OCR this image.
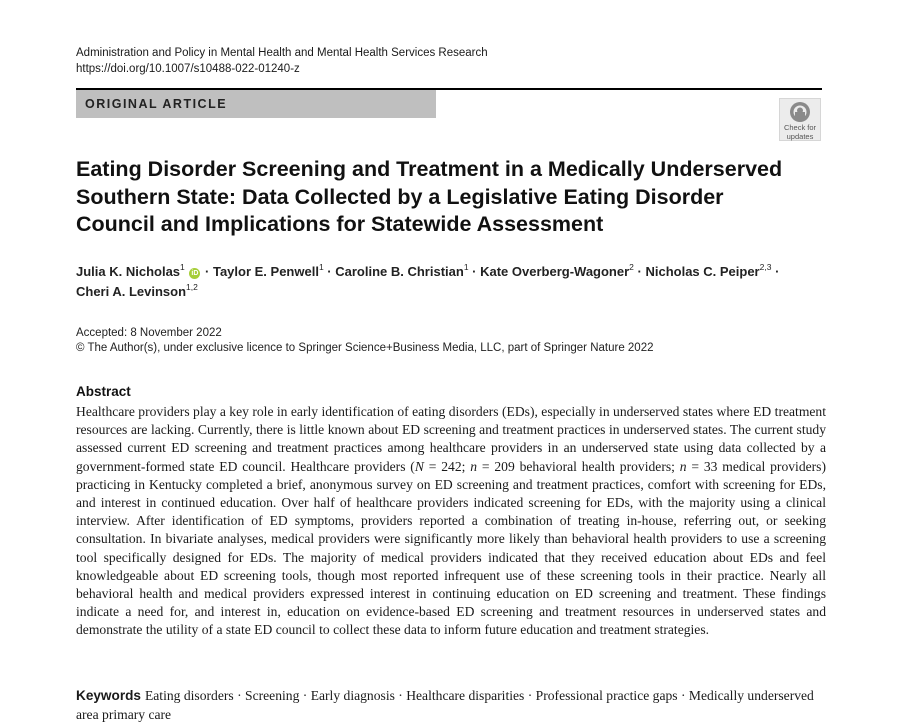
Administration and Policy in Mental Health and Mental Health Services Research
https://doi.org/10.1007/s10488-022-01240-z
ORIGINAL ARTICLE
Check for
updates
Eating Disorder Screening and Treatment in a Medically Underserved Southern State: Data Collected by a Legislative Eating Disorder Council and Implications for Statewide Assessment
Julia K. Nicholas$^1$ iD · Taylor E. Penwell$^1$ · Caroline B. Christian$^1$ · Kate Overberg‑Wagoner$^2$ · Nicholas C. Peiper$^{2,3}$ ·
Cheri A. Levinson$^{1,2}$
Accepted: 8 November 2022
© The Author(s), under exclusive licence to Springer Science+Business Media, LLC, part of Springer Nature 2022
Abstract
Healthcare providers play a key role in early identification of eating disorders (EDs), especially in underserved states where ED treatment resources are lacking. Currently, there is little known about ED screening and treatment practices in underserved states. The current study assessed current ED screening and treatment practices among healthcare providers in an underserved state using data collected by a government-formed state ED council. Healthcare providers (N = 242; n = 209 behavioral health providers; n = 33 medical providers) practicing in Kentucky completed a brief, anonymous survey on ED screening and treatment practices, comfort with screening for EDs, and interest in continued education. Over half of healthcare providers indicated screening for EDs, with the majority using a clinical interview. After identification of ED symptoms, providers reported a combination of treating in-house, referring out, or seeking consultation. In bivariate analyses, medical providers were significantly more likely than behavioral health providers to use a screening tool specifically designed for EDs. The majority of medical providers indicated that they received education about EDs and feel knowledgeable about ED screening tools, though most reported infrequent use of these screening tools in their practice. Nearly all behavioral health and medical providers expressed interest in continuing education on ED screening and treatment. These findings indicate a need for, and interest in, education on evidence-based ED screening and treatment resources in underserved states and demonstrate the utility of a state ED council to collect these data to inform future education and treatment strategies.
Keywords Eating disorders · Screening · Early diagnosis · Healthcare disparities · Professional practice gaps · Medically underserved area primary care
